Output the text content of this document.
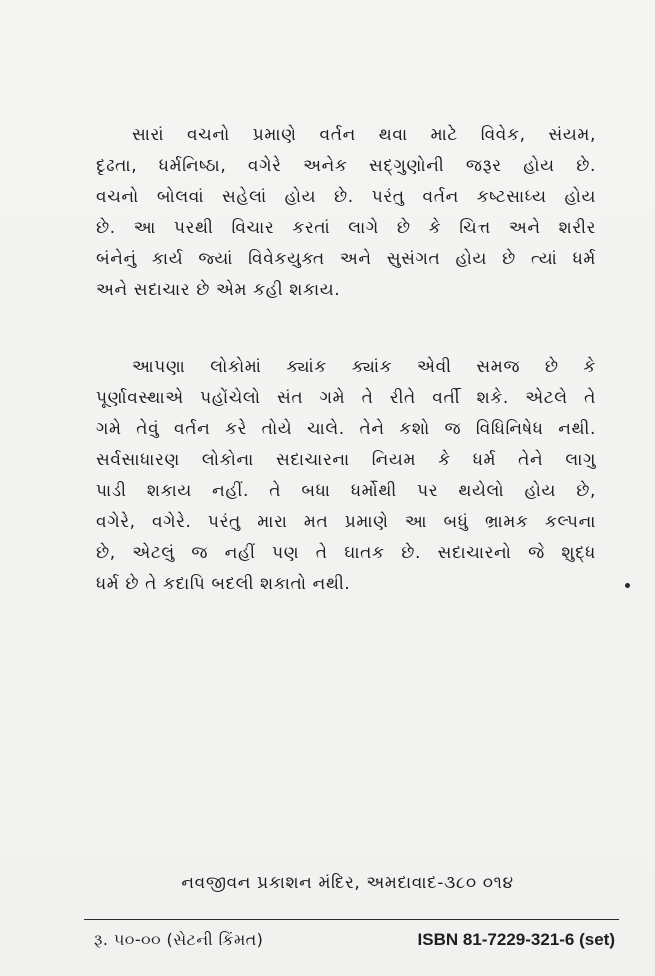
સારાં વચનો પ્રમાણે વર્તન થવા માટે વિવેક, સંયમ,
દૃઢતા, ધર્મનિષ્ઠા, વગેરે અનેક સદ્‌ગુણોની જરૂર હોય છે.
વચનો બોલવાં સહેલાં હોય છે. પરંતુ વર્તન કષ્ટસાધ્ય હોય
છે. આ પરથી વિચાર કરતાં લાગે છે કે ચિત્ત અને શરીર
બંનેનું કાર્ય જ્યાં વિવેકયુક્ત અને સુસંગત હોય છે ત્યાં ધર્મ
અને સદાચાર છે એમ કહી શકાય.
આપણા લોકોમાં ક્યાંક ક્યાંક એવી સમજ છે કે
પૂર્ણાવસ્થાએ પહોંચેલો સંત ગમે તે રીતે વર્તી શકે. એટલે તે
ગમે તેવું વર્તન કરે તોયે ચાલે. તેને કશો જ વિધિનિષેધ નથી.
સર્વસાધારણ લોકોના સદાચારના નિયમ કે ધર્મ તેને લાગુ
પાડી શકાય નહીં. તે બધા ધર્મોથી પર થયેલો હોય છે,
વગેરે, વગેરે. પરંતુ મારા મત પ્રમાણે આ બધું ભ્રામક કલ્પના
છે, એટલું જ નહીં પણ તે ઘાતક છે. સદાચારનો જે શુદ્ધ
ધર્મ છે તે કદાપિ બદલી શકાતો નથી.
નવજીવન પ્રકાશન મંદિર, અમદાવાદ-૩૮૦ ૦૧૪
રૂ. ૫૦-૦૦ (સેટની કિંમત)	ISBN 81-7229-321-6 (set)
